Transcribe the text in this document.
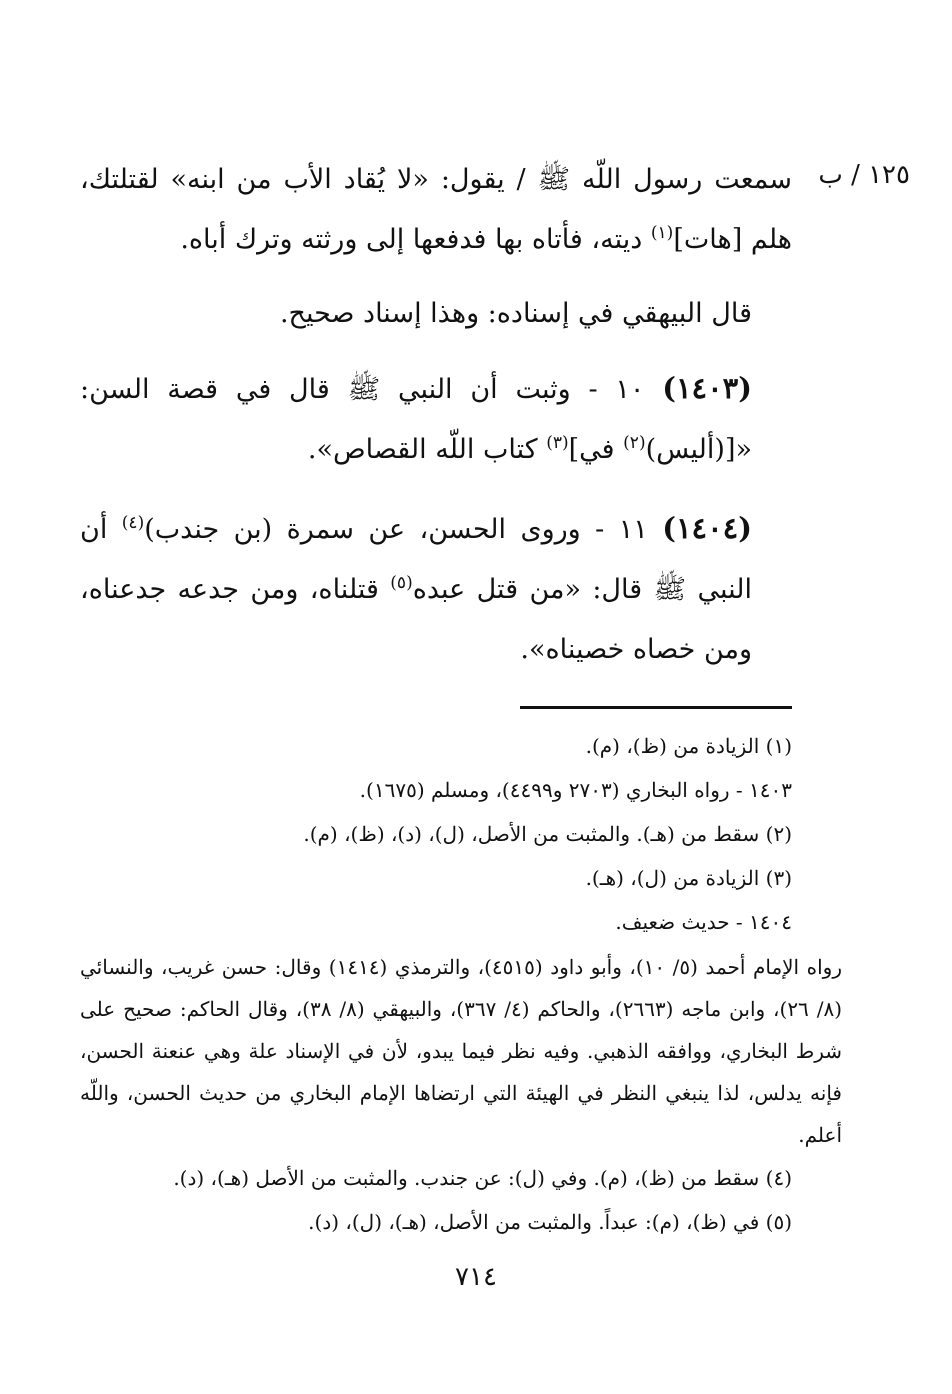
١٢٥ / ب

سمعت رسول اللّه ﷺ / يقول: «لا يُقاد الأب من ابنه» لقتلتك، هلم [هات]$^{(١)}$ ديته، فأتاه بها فدفعها إلى ورثته وترك أباه.

قال البيهقي في إسناده: وهذا إسناد صحيح.

(١٤٠٣) ١٠ - وثبت أن النبي ﷺ قال في قصة السن: «[(أليس)$^{(٢)}$ في]$^{(٣)}$ كتاب اللّه القصاص».

(١٤٠٤) ١١ - وروى الحسن، عن سمرة (بن جندب)$^{(٤)}$ أن النبي ﷺ قال: «من قتل عبده$^{(٥)}$ قتلناه، ومن جدعه جدعناه، ومن خصاه خصيناه».

(١) الزيادة من (ظ)، (م).

١٤٠٣ - رواه البخاري (٢٧٠٣ و٤٤٩٩)، ومسلم (١٦٧٥).

(٢) سقط من (هـ). والمثبت من الأصل، (ل)، (د)، (ظ)، (م).

(٣) الزيادة من (ل)، (هـ).

١٤٠٤ - حديث ضعيف.

رواه الإمام أحمد (٥/ ١٠)، وأبو داود (٤٥١٥)، والترمذي (١٤١٤) وقال: حسن غريب، والنسائي (٨/ ٢٦)، وابن ماجه (٢٦٦٣)، والحاكم (٤/ ٣٦٧)، والبيهقي (٨/ ٣٨)، وقال الحاكم: صحيح على شرط البخاري، ووافقه الذهبي. وفيه نظر فيما يبدو، لأن في الإسناد علة وهي عنعنة الحسن، فإنه يدلس، لذا ينبغي النظر في الهيئة التي ارتضاها الإمام البخاري من حديث الحسن، واللّه أعلم.

(٤) سقط من (ظ)، (م). وفي (ل): عن جندب. والمثبت من الأصل (هـ)، (د).

(٥) في (ظ)، (م): عبداً. والمثبت من الأصل، (هـ)، (ل)، (د).

٧١٤
